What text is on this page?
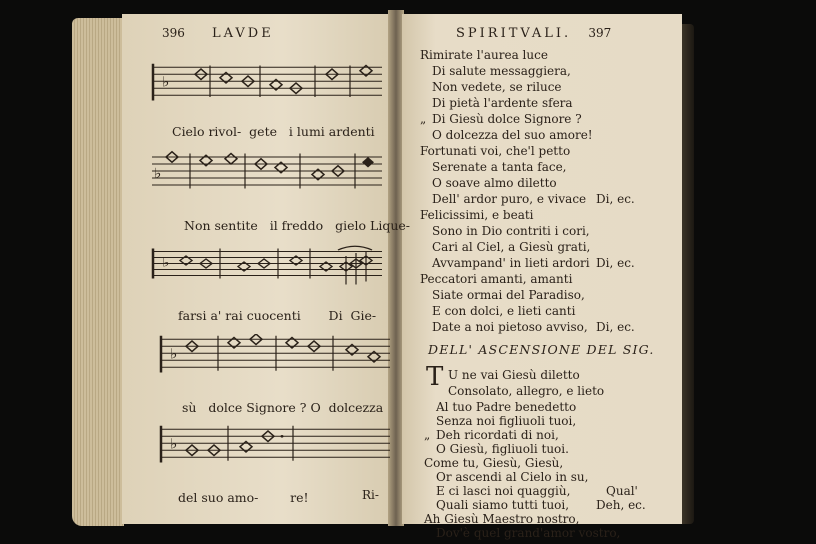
396 LAVDE	SPIRITVALI. 397
♭
Cielo rivol-  gete   i lumi ardenti
♭
Non sentite   il freddo   gielo Lique-
♭
farsi a' rai cuocenti       Di  Gie-
♭
sù   dolce Signore ? O  dolcezza
♭
del suo amo-        re!	Ri-
Rimirate l'aurea luce
Di salute messaggiera,
Non vedete, se riluce
Di pietà l'ardente sfera
„ Di Giesù dolce Signore ?
O dolcezza del suo amore!
Fortunati voi, che'l petto
Serenate a tanta face,
O soave almo diletto
Dell' ardor puro, e vivace Di, ec.
Felicissimi, e beati
Sono in Dio contriti i cori,
Cari al Ciel, a Giesù grati,
Avvampand' in lieti ardori Di, ec.
Peccatori amanti, amanti
Siate ormai del Paradiso,
E con dolci, e lieti canti
Date a noi pietoso avviso, Di, ec.
DELL' ASCENSIONE DEL SIG.
T U ne vai Giesù diletto
Consolato, allegro, e lieto
Al tuo Padre benedetto
Senza noi figliuoli tuoi,
„ Deh ricordati di noi,
O Giesù, figliuoli tuoi.
Come tu, Giesù, Giesù,
Or ascendi al Cielo in su,
E ci lasci noi quaggiù,
Quali siamo tutti tuoi, Deh, ec.
Ah Giesù Maestro nostro,
Dov'è quel grand'amor vostro,
Qual'
